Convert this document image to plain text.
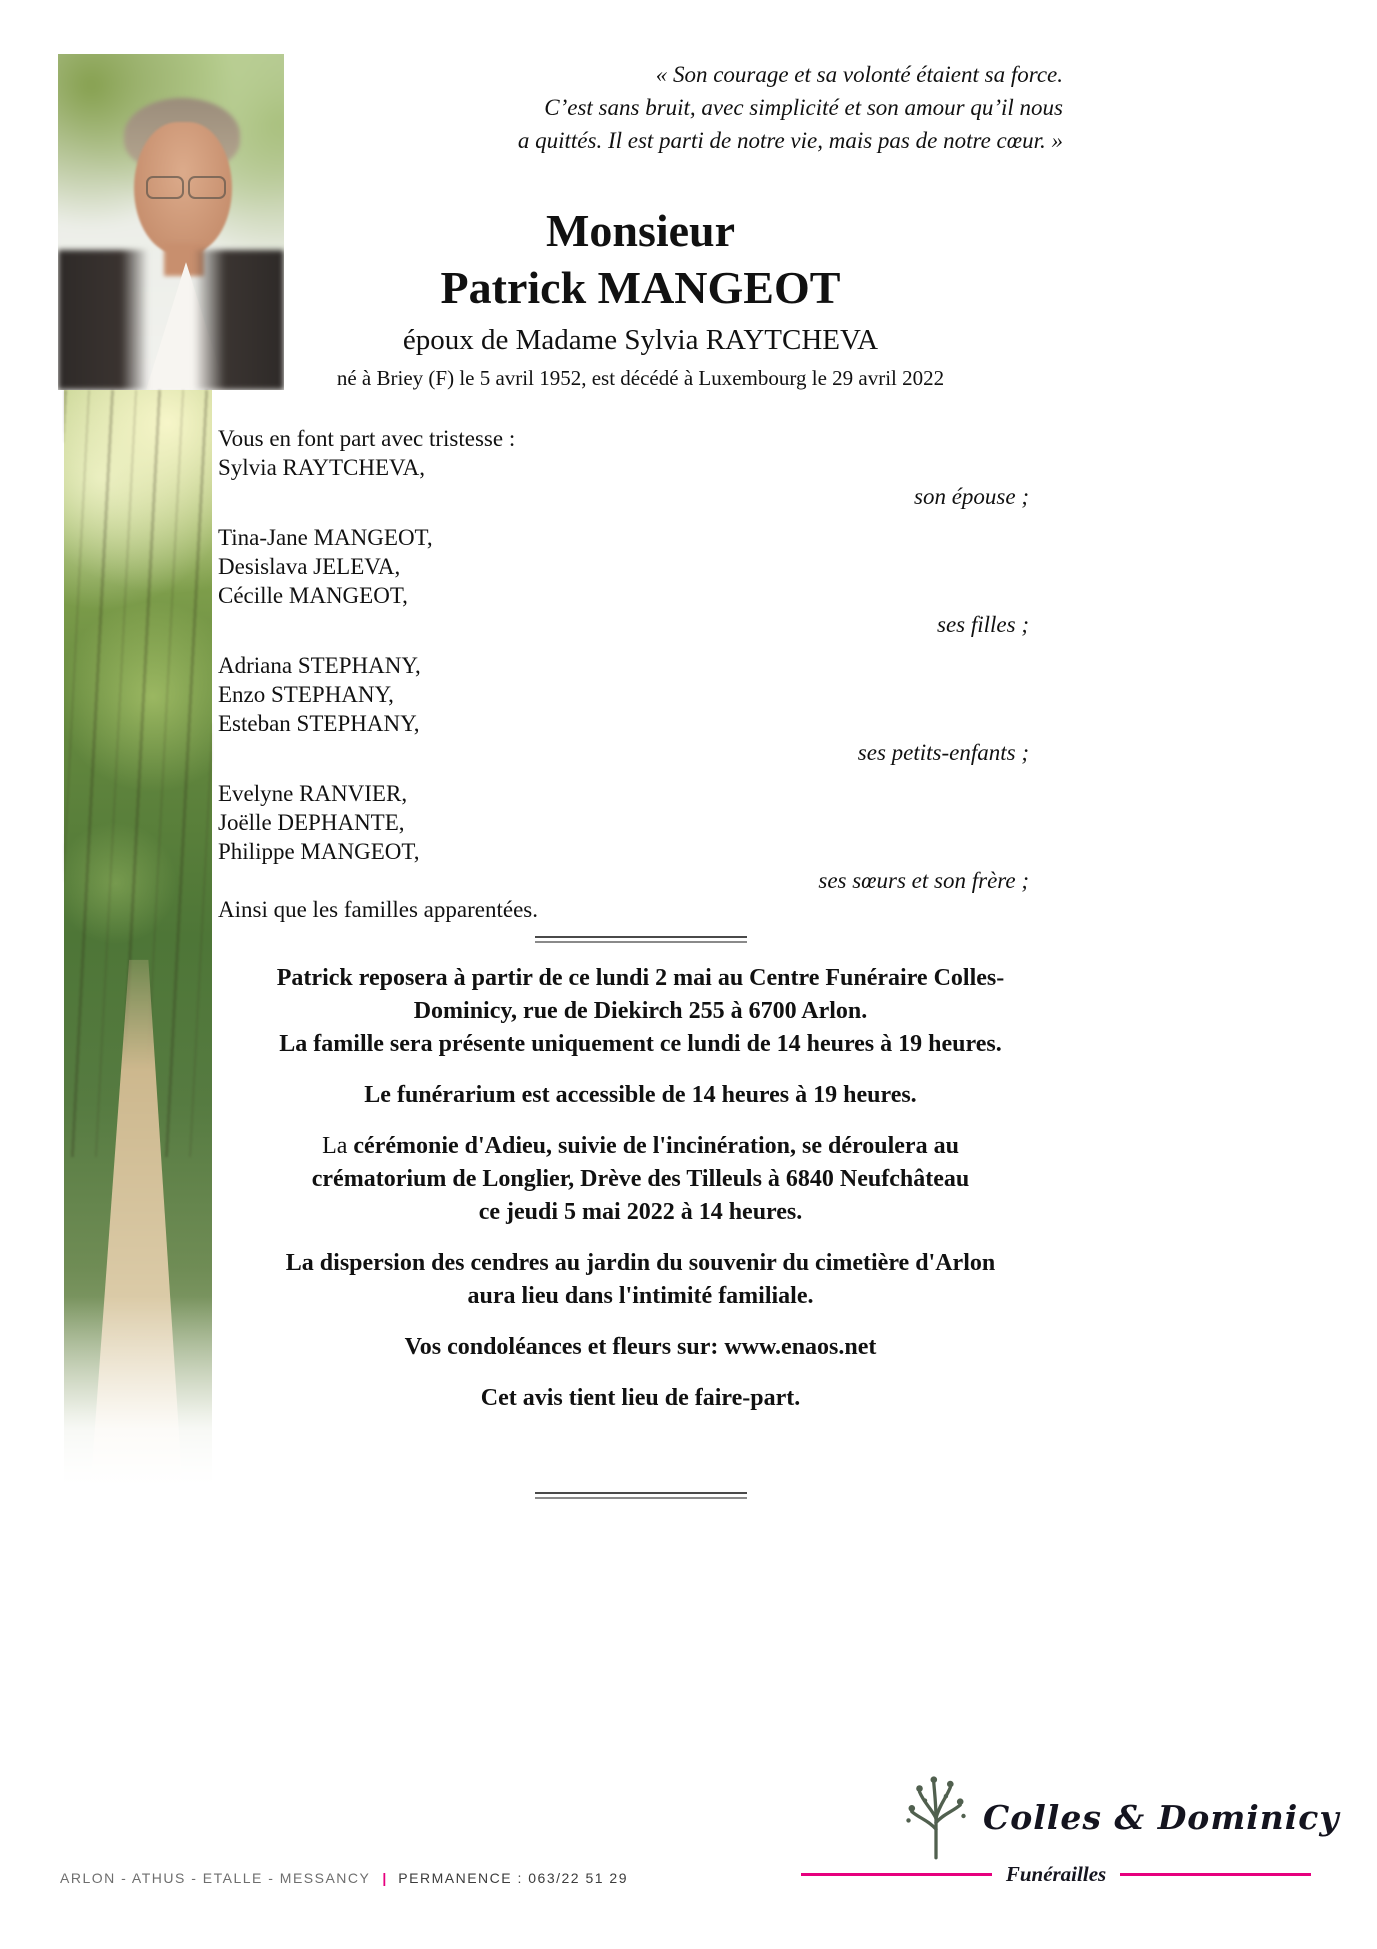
« Son courage et sa volonté étaient sa force.
C’est sans bruit, avec simplicité et son amour qu’il nous
a quittés. Il est parti de notre vie, mais pas de notre cœur. »
Monsieur
Patrick MANGEOT
époux de Madame Sylvia RAYTCHEVA
né à Briey (F) le 5 avril 1952, est décédé à Luxembourg le 29 avril 2022
Vous en font part avec tristesse :
Sylvia RAYTCHEVA,
son épouse ;
Tina-Jane MANGEOT,
Desislava JELEVA,
Cécille MANGEOT,
ses filles ;
Adriana STEPHANY,
Enzo STEPHANY,
Esteban STEPHANY,
ses petits-enfants ;
Evelyne RANVIER,
Joëlle DEPHANTE,
Philippe MANGEOT,
ses sœurs et son frère ;
Ainsi que les familles apparentées.

Patrick reposera à partir de ce lundi 2 mai au Centre Funéraire Colles-
Dominicy, rue de Diekirch 255 à 6700 Arlon.
La famille sera présente uniquement ce lundi de 14 heures à 19 heures.

Le funérarium est accessible de 14 heures à 19 heures.

La cérémonie d'Adieu, suivie de l'incinération, se déroulera au
crématorium de Longlier, Drève des Tilleuls à 6840 Neufchâteau
ce jeudi 5 mai 2022 à 14 heures.

La dispersion des cendres au jardin du souvenir du cimetière d'Arlon
aura lieu dans l'intimité familiale.

Vos condoléances et fleurs sur: www.enaos.net

Cet avis tient lieu de faire-part.

ARLON - ATHUS - ETALLE - MESSANCY | PERMANENCE : 063/22 51 29
Colles & Dominicy
Funérailles
